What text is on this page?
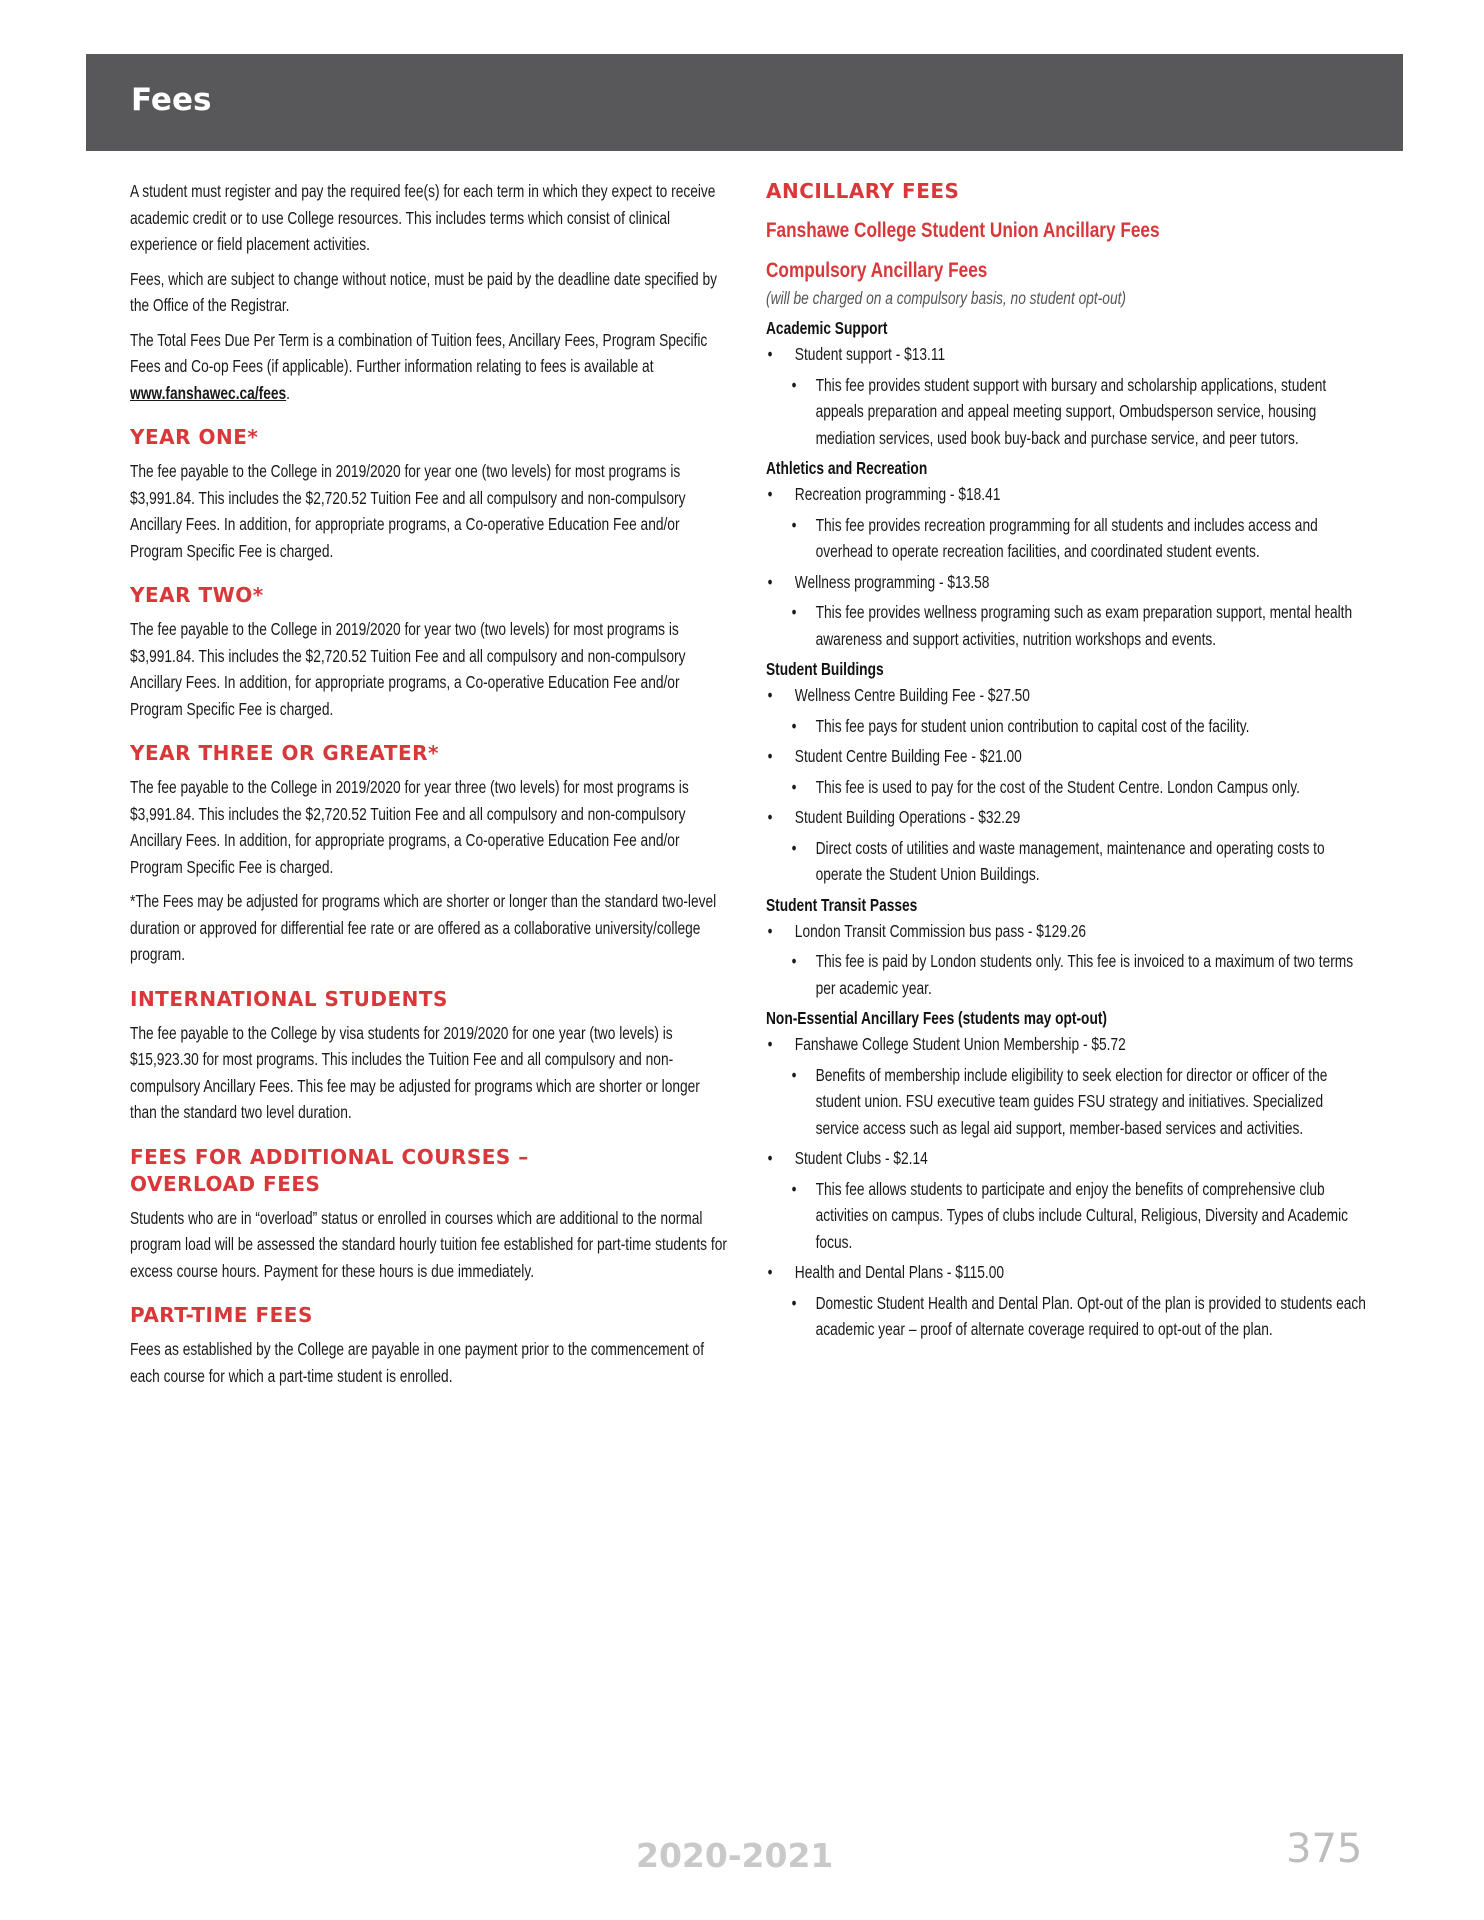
Fees

A student must register and pay the required fee(s) for each term in which they expect to receive academic credit or to use College resources. This includes terms which consist of clinical experience or field placement activities.

Fees, which are subject to change without notice, must be paid by the deadline date specified by the Office of the Registrar.

The Total Fees Due Per Term is a combination of Tuition fees, Ancillary Fees, Program Specific Fees and Co-op Fees (if applicable). Further information relating to fees is available at www.fanshawec.ca/fees.

YEAR ONE*

The fee payable to the College in 2019/2020 for year one (two levels) for most programs is $3,991.84. This includes the $2,720.52 Tuition Fee and all compulsory and non-compulsory Ancillary Fees. In addition, for appropriate programs, a Co-operative Education Fee and/or Program Specific Fee is charged.

YEAR TWO*

The fee payable to the College in 2019/2020 for year two (two levels) for most programs is $3,991.84. This includes the $2,720.52 Tuition Fee and all compulsory and non-compulsory Ancillary Fees. In addition, for appropriate programs, a Co-operative Education Fee and/or Program Specific Fee is charged.

YEAR THREE OR GREATER*

The fee payable to the College in 2019/2020 for year three (two levels) for most programs is $3,991.84. This includes the $2,720.52 Tuition Fee and all compulsory and non-compulsory Ancillary Fees. In addition, for appropriate programs, a Co-operative Education Fee and/or Program Specific Fee is charged.

*The Fees may be adjusted for programs which are shorter or longer than the standard two-level duration or approved for differential fee rate or are offered as a collaborative university/college program.

INTERNATIONAL STUDENTS

The fee payable to the College by visa students for 2019/2020 for one year (two levels) is $15,923.30 for most programs. This includes the Tuition Fee and all compulsory and non-compulsory Ancillary Fees. This fee may be adjusted for programs which are shorter or longer than the standard two level duration.

FEES FOR ADDITIONAL COURSES –
OVERLOAD FEES

Students who are in “overload” status or enrolled in courses which are additional to the normal program load will be assessed the standard hourly tuition fee established for part-time students for excess course hours. Payment for these hours is due immediately.

PART-TIME FEES

Fees as established by the College are payable in one payment prior to the commencement of each course for which a part-time student is enrolled.

ANCILLARY FEES
Fanshawe College Student Union Ancillary Fees
Compulsory Ancillary Fees

(will be charged on a compulsory basis, no student opt-out)

Academic Support
• Student support - $13.11
• This fee provides student support with bursary and scholarship applications, student appeals preparation and appeal meeting support, Ombudsperson service, housing mediation services, used book buy-back and purchase service, and peer tutors.
Athletics and Recreation
• Recreation programming - $18.41
• This fee provides recreation programming for all students and includes access and overhead to operate recreation facilities, and coordinated student events.
• Wellness programming - $13.58
• This fee provides wellness programing such as exam preparation support, mental health awareness and support activities, nutrition workshops and events.
Student Buildings
• Wellness Centre Building Fee - $27.50
• This fee pays for student union contribution to capital cost of the facility.
• Student Centre Building Fee - $21.00
• This fee is used to pay for the cost of the Student Centre. London Campus only.
• Student Building Operations - $32.29
• Direct costs of utilities and waste management, maintenance and operating costs to operate the Student Union Buildings.
Student Transit Passes
• London Transit Commission bus pass - $129.26
• This fee is paid by London students only. This fee is invoiced to a maximum of two terms per academic year.
Non-Essential Ancillary Fees (students may opt-out)
• Fanshawe College Student Union Membership - $5.72
• Benefits of membership include eligibility to seek election for director or officer of the student union. FSU executive team guides FSU strategy and initiatives. Specialized service access such as legal aid support, member-based services and activities.
• Student Clubs - $2.14
• This fee allows students to participate and enjoy the benefits of comprehensive club activities on campus. Types of clubs include Cultural, Religious, Diversity and Academic focus.
• Health and Dental Plans - $115.00
• Domestic Student Health and Dental Plan. Opt-out of the plan is provided to students each academic year – proof of alternate coverage required to opt-out of the plan.
2020-2021	375
